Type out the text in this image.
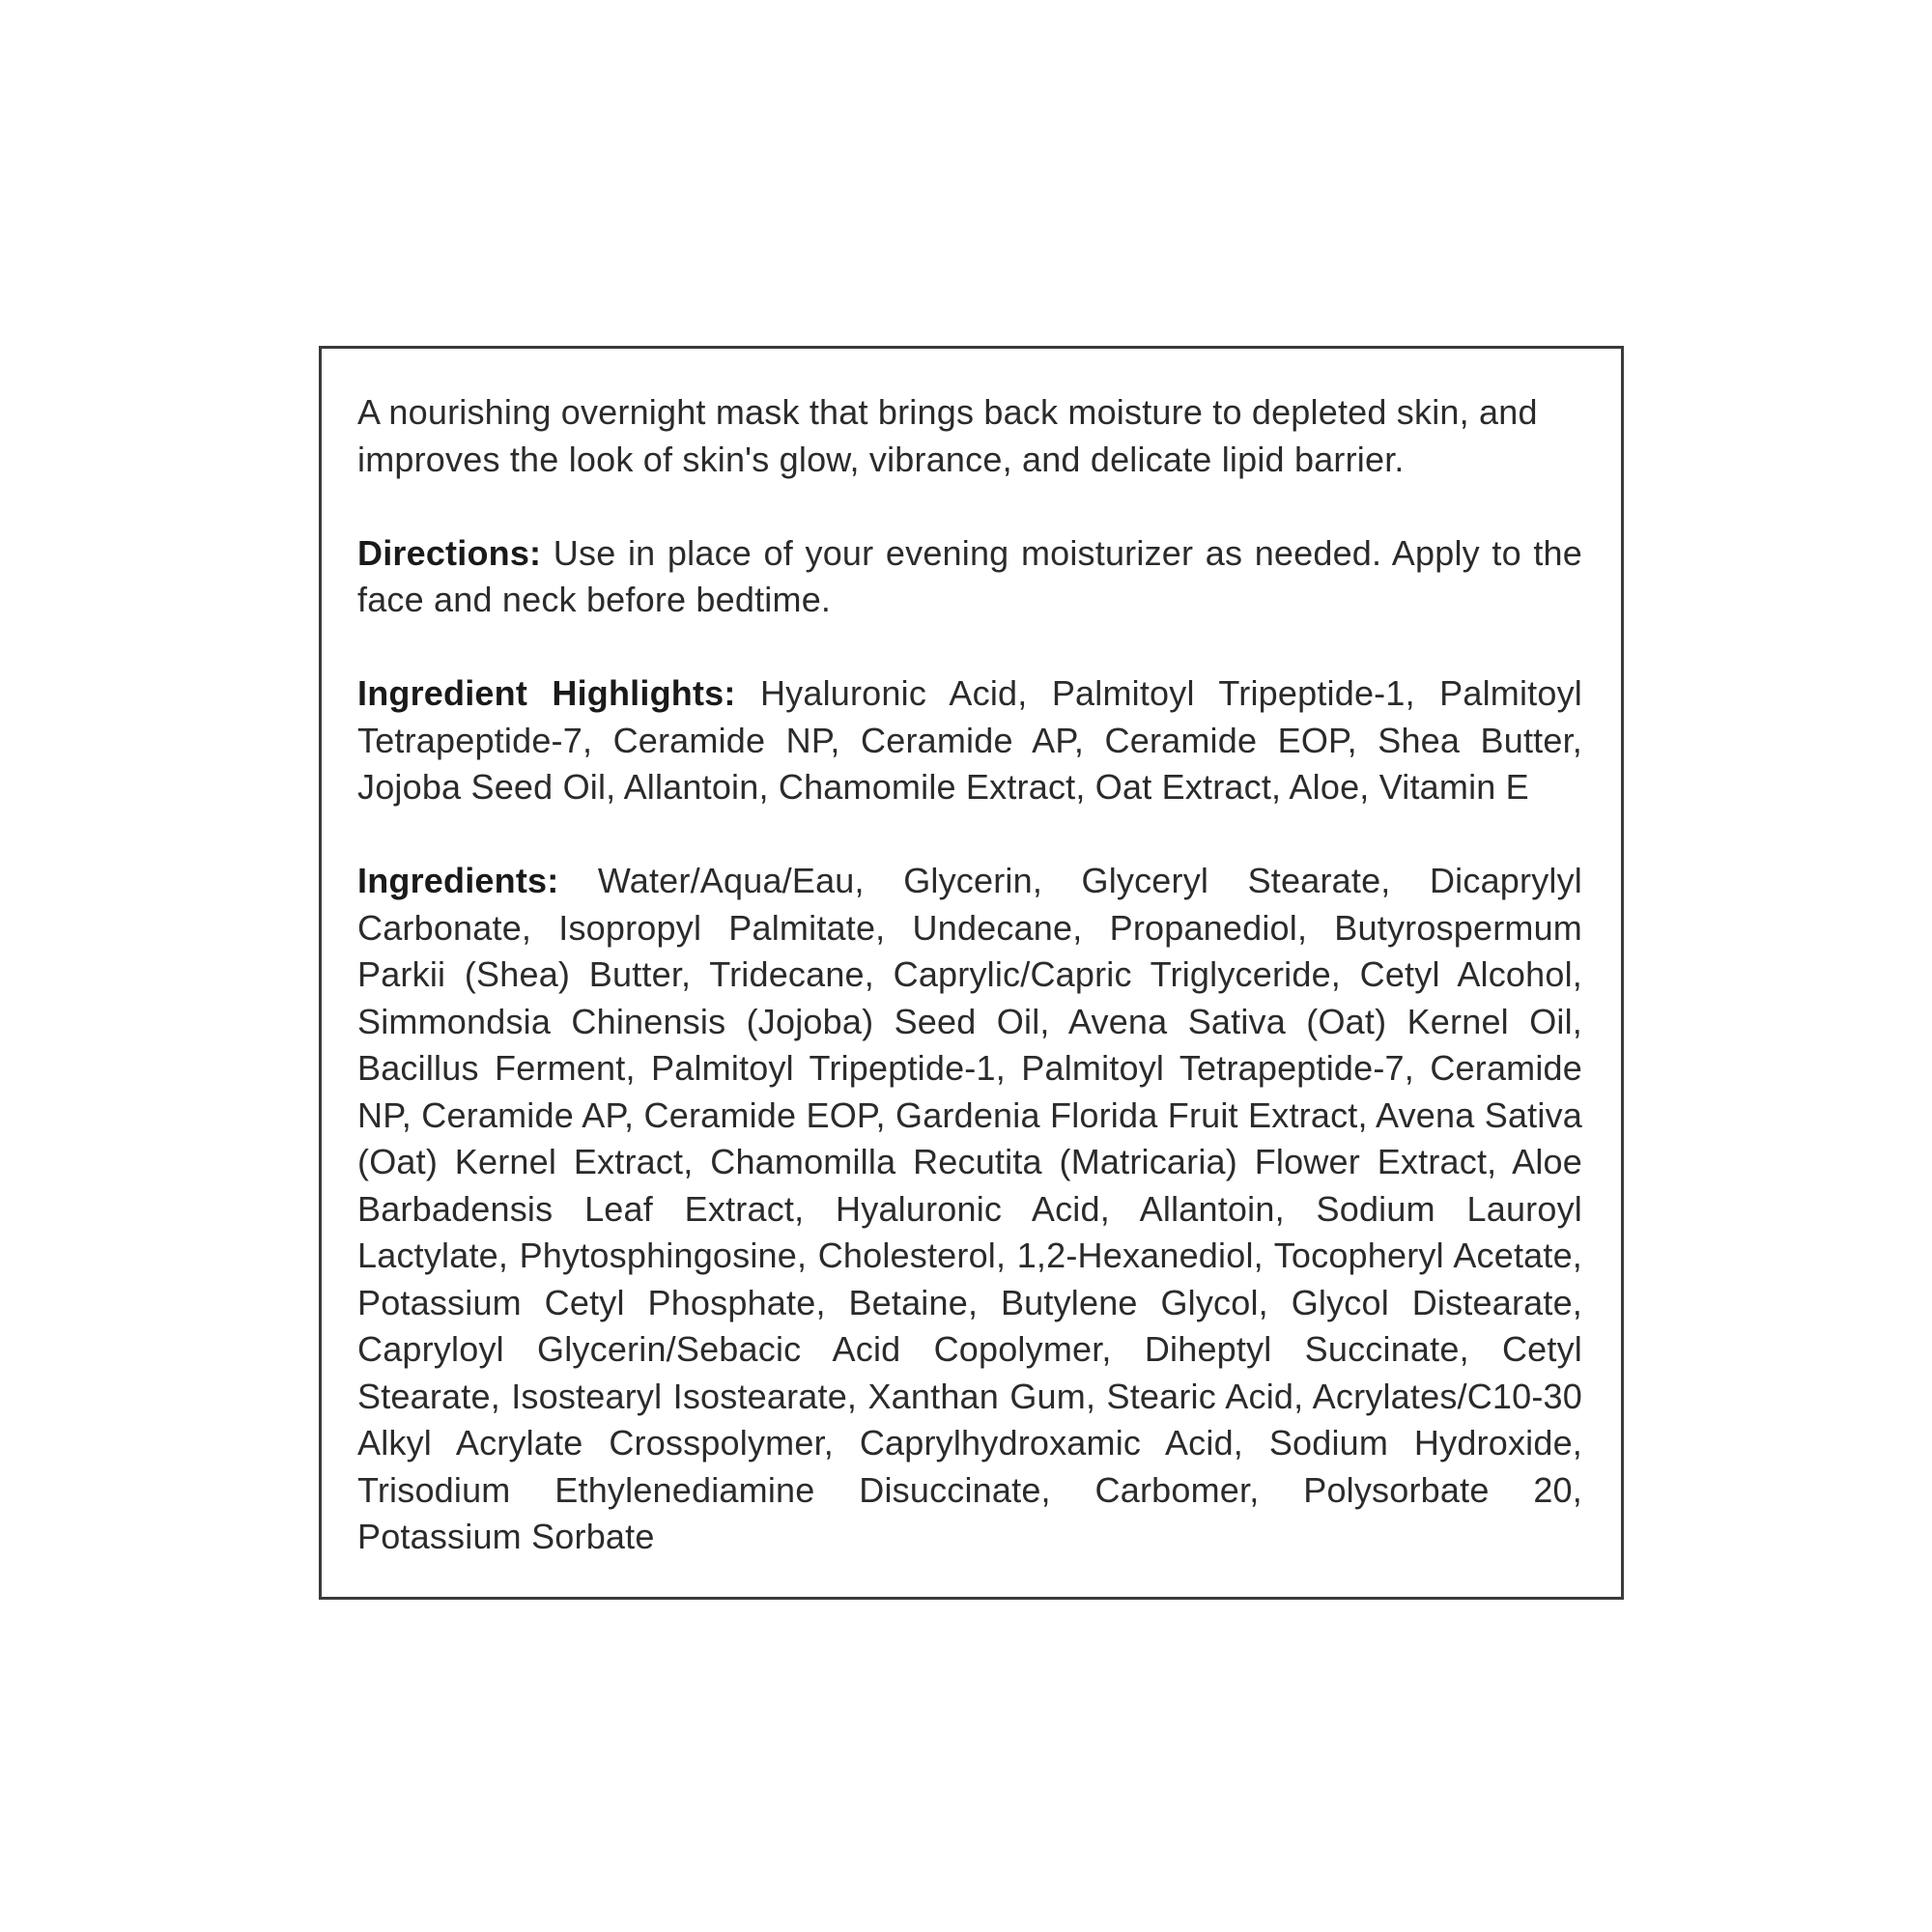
A nourishing overnight mask that brings back moisture to depleted skin, and improves the look of skin's glow, vibrance, and delicate lipid barrier.

Directions: Use in place of your evening moisturizer as needed. Apply to the face and neck before bedtime.

Ingredient Highlights: Hyaluronic Acid, Palmitoyl Tripeptide-1, Palmitoyl Tetrapeptide-7, Ceramide NP, Ceramide AP, Ceramide EOP, Shea Butter, Jojoba Seed Oil, Allantoin, Chamomile Extract, Oat Extract, Aloe, Vitamin E

Ingredients: Water/Aqua/Eau, Glycerin, Glyceryl Stearate, Dicaprylyl Carbonate, Isopropyl Palmitate, Undecane, Propanediol, Butyrospermum Parkii (Shea) Butter, Tridecane, Caprylic/Capric Triglyceride, Cetyl Alcohol, Simmondsia Chinensis (Jojoba) Seed Oil, Avena Sativa (Oat) Kernel Oil, Bacillus Ferment, Palmitoyl Tripeptide-1, Palmitoyl Tetrapeptide-7, Ceramide NP, Ceramide AP, Ceramide EOP, Gardenia Florida Fruit Extract, Avena Sativa (Oat) Kernel Extract, Chamomilla Recutita (Matricaria) Flower Extract, Aloe Barbadensis Leaf Extract, Hyaluronic Acid, Allantoin, Sodium Lauroyl Lactylate, Phytosphingosine, Cholesterol, 1,2-Hexanediol, Tocopheryl Acetate, Potassium Cetyl Phosphate, Betaine, Butylene Glycol, Glycol Distearate, Capryloyl Glycerin/Sebacic Acid Copolymer, Diheptyl Succinate, Cetyl Stearate, Isostearyl Isostearate, Xanthan Gum, Stearic Acid, Acrylates/C10-30 Alkyl Acrylate Crosspolymer, Caprylhydroxamic Acid, Sodium Hydroxide, Trisodium Ethylenediamine Disuccinate, Carbomer, Polysorbate 20, Potassium Sorbate
